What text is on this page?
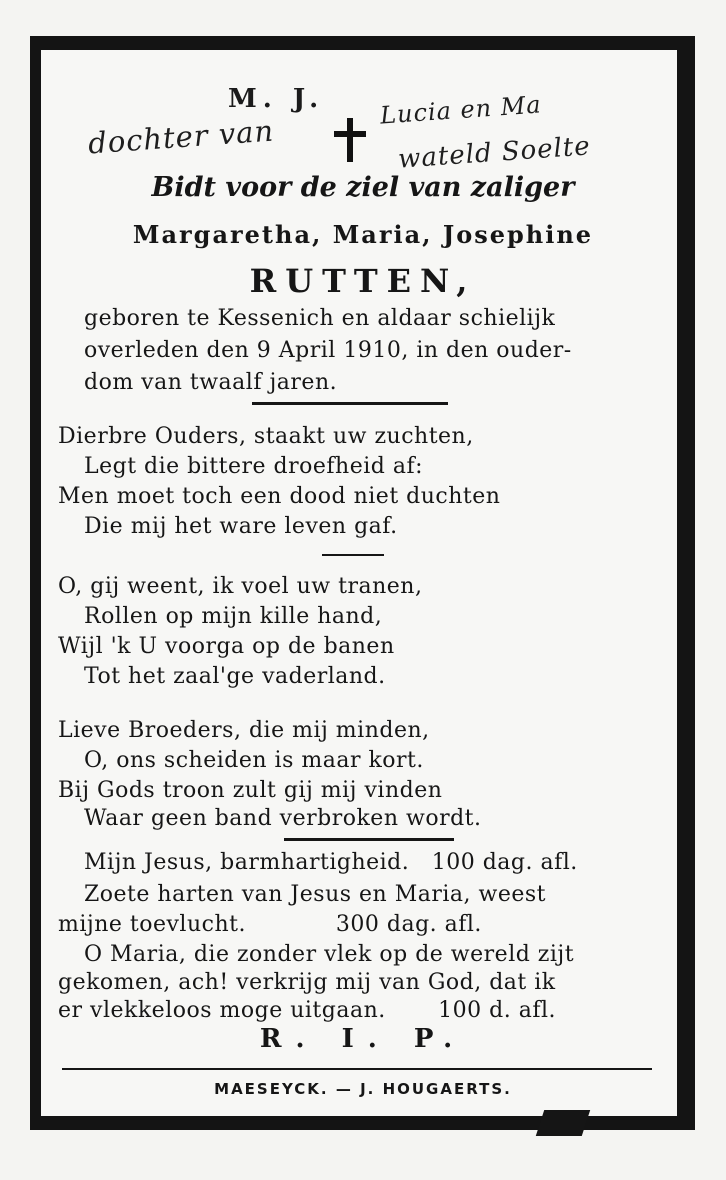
dochter van
Lucia en Ma
wateld Soelte
M. J.
Bidt voor de ziel van zaliger
Margaretha, Maria, Josephine
RUTTEN,
geboren te Kessenich en aldaar schielijk
overleden den 9 April 1910, in den ouder-
dom van twaalf jaren.
Dierbre Ouders, staakt uw zuchten,
Legt die bittere droefheid af:
Men moet toch een dood niet duchten
Die mij het ware leven gaf.
O, gij weent, ik voel uw tranen,
Rollen op mijn kille hand,
Wijl 'k U voorga op de banen
Tot het zaal'ge vaderland.
Lieve Broeders, die mij minden,
O, ons scheiden is maar kort.
Bij Gods troon zult gij mij vinden
Waar geen band verbroken wordt.
Mijn Jesus, barmhartigheid.   100 dag. afl.
Zoete harten van Jesus en Maria, weest
mijne toevlucht.            300 dag. afl.
O Maria, die zonder vlek op de wereld zijt
gekomen, ach! verkrijg mij van God, dat ik
er vlekkeloos moge uitgaan.       100 d. afl.
R. I. P.
MAESEYCK. — J. HOUGAERTS.
